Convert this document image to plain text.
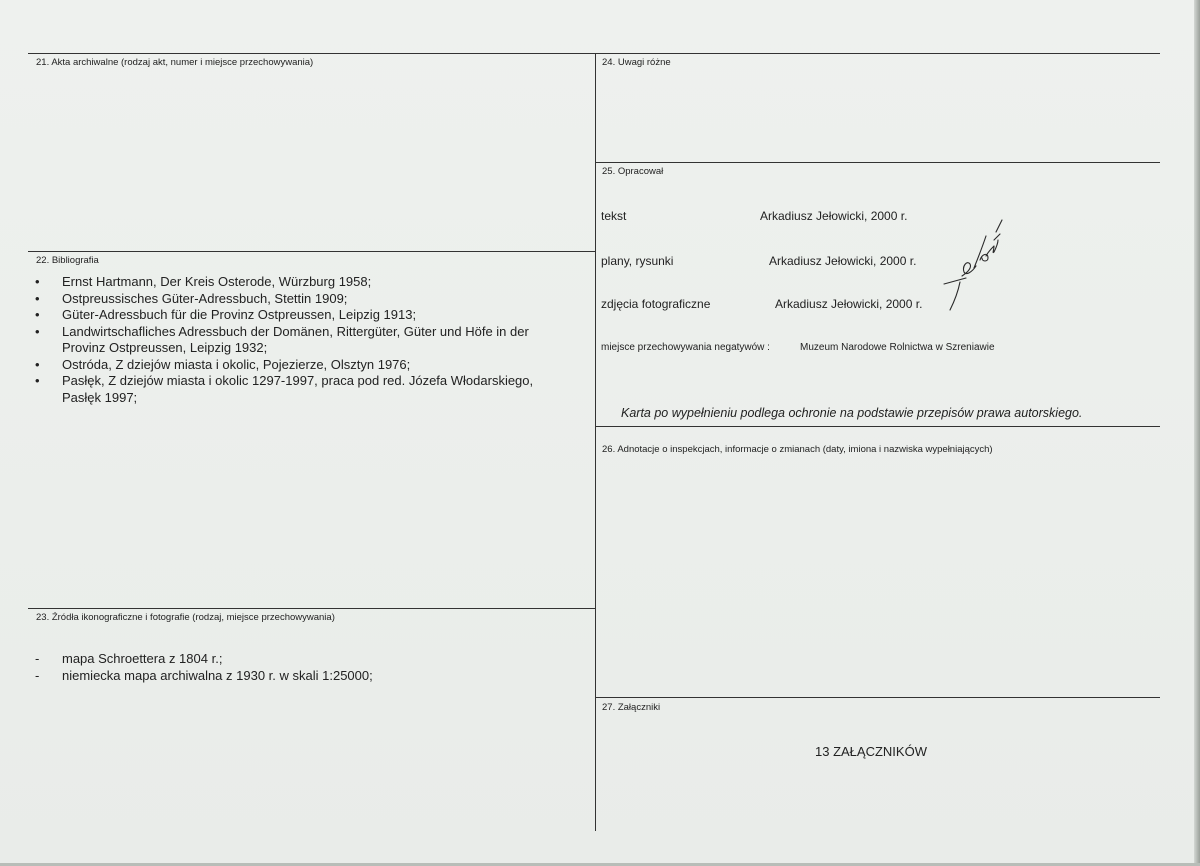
21. Akta archiwalne (rodzaj akt, numer i miejsce przechowywania)
22. Bibliografia
• Ernst Hartmann, Der Kreis Osterode, Würzburg 1958;
• Ostpreussisches Güter-Adressbuch, Stettin 1909;
• Güter-Adressbuch für die Provinz Ostpreussen, Leipzig 1913;
• Landwirtschafliches Adressbuch der Domänen, Rittergüter, Güter und Höfe in der
Provinz Ostpreussen, Leipzig 1932;
• Ostróda, Z dziejów miasta i okolic, Pojezierze, Olsztyn 1976;
• Pasłęk, Z dziejów miasta i okolic 1297-1997, praca pod red. Józefa Włodarskiego,
Pasłęk 1997;
23. Źródła ikonograficzne i fotografie (rodzaj, miejsce przechowywania)
- mapa Schroettera z 1804 r.;
- niemiecka mapa archiwalna z 1930 r. w skali 1:25000;
24. Uwagi różne
25. Opracował
tekst	Arkadiusz Jełowicki, 2000 r.
plany, rysunki	Arkadiusz Jełowicki, 2000 r.
zdjęcia fotograficzne	Arkadiusz Jełowicki, 2000 r.
miejsce przechowywania negatywów :	Muzeum Narodowe Rolnictwa w Szreniawie
Karta po wypełnieniu podlega ochronie na podstawie przepisów prawa autorskiego.
26. Adnotacje o inspekcjach, informacje o zmianach (daty, imiona i nazwiska wypełniających)
27. Załączniki
13 ZAŁĄCZNIKÓW
